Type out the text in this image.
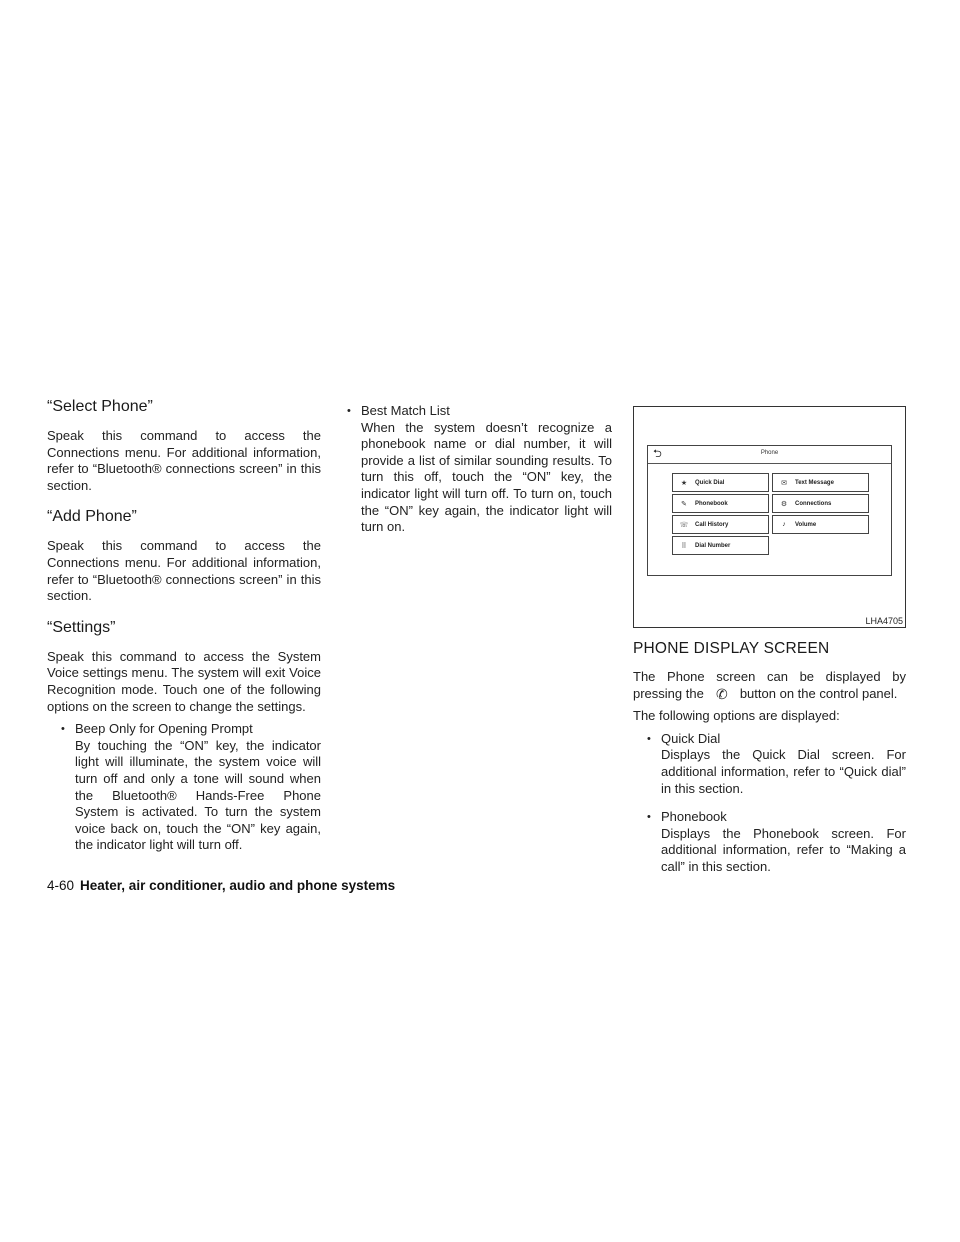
“Select Phone”

Speak this command to access the Connections menu. For additional information, refer to “Bluetooth® connections screen” in this section.

“Add Phone”

Speak this command to access the Connections menu. For additional information, refer to “Bluetooth® connections screen” in this section.

“Settings”

Speak this command to access the System Voice settings menu. The system will exit Voice Recognition mode. Touch one of the following options on the screen to change the settings.

• Beep Only for Opening Prompt
By touching the “ON” key, the indicator light will illuminate, the system voice will turn off and only a tone will sound when the Bluetooth® Hands-Free Phone System is activated. To turn the system voice back on, touch the “ON” key again, the indicator light will turn off.
• Best Match List
When the system doesn’t recognize a phonebook name or dial number, it will provide a list of similar sounding results. To turn this off, touch the “ON” key, the indicator light will turn off. To turn on, touch the “ON” key again, the indicator light will turn on.
⮌	Phone
★	Quick Dial	✉	Text Message
✎	Phonebook	⚙	Connections
☏	Call History	♪	Volume
⠿	Dial Number
LHA4705
PHONE DISPLAY SCREEN

The Phone screen can be displayed by pressing the ✆ button on the control panel.

The following options are displayed:

• Quick Dial
Displays the Quick Dial screen. For additional information, refer to “Quick dial” in this section.
• Phonebook
Displays the Phonebook screen. For additional information, refer to “Making a call” in this section.
4-60 Heater, air conditioner, audio and phone systems
